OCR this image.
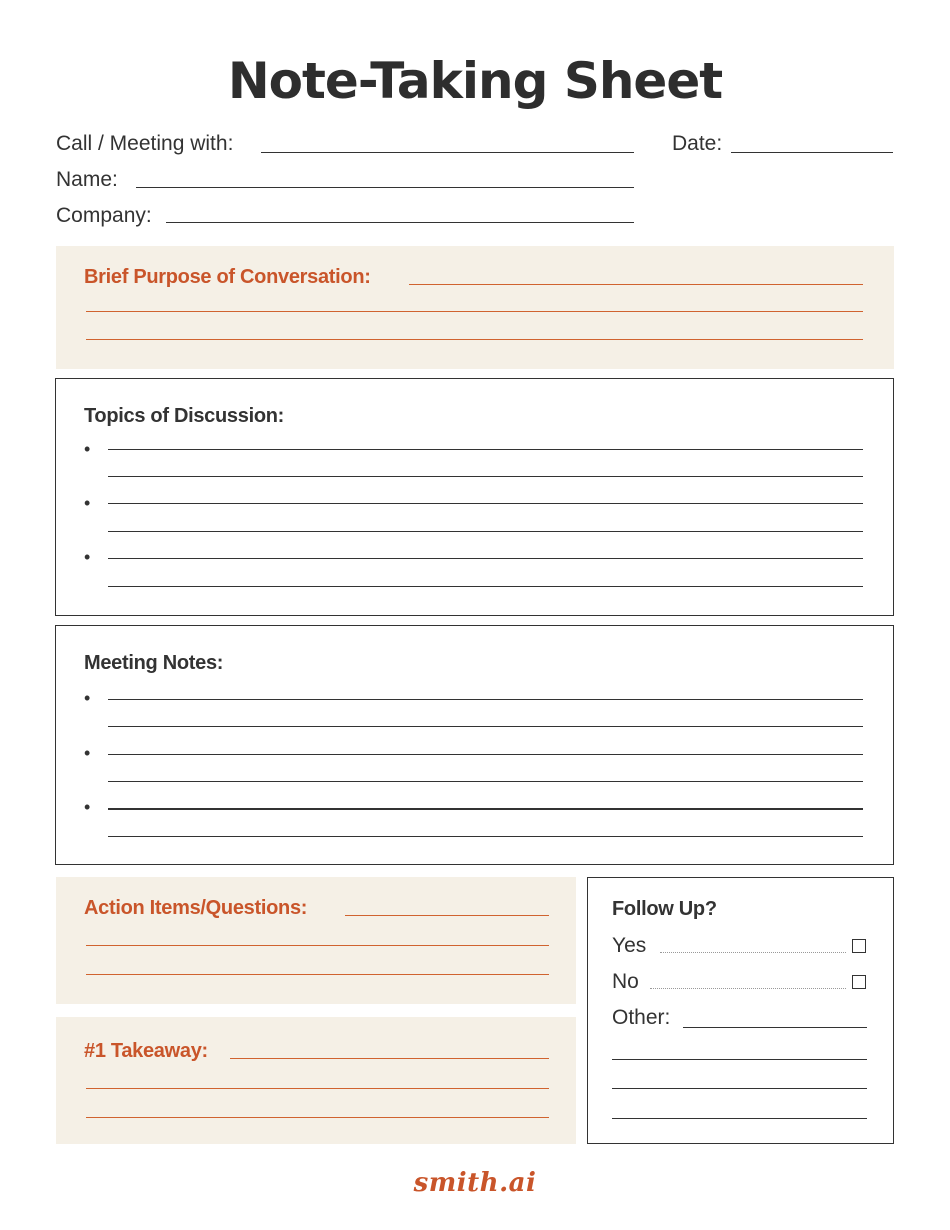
Note-Taking Sheet
Call / Meeting with:	Date:
Name:
Company:
Brief Purpose of Conversation:
Topics of Discussion:
•
•
•
Meeting Notes:
•
•
•
Action Items/Questions:
#1 Takeaway:
Follow Up?
Yes
No
Other:
smith.ai
